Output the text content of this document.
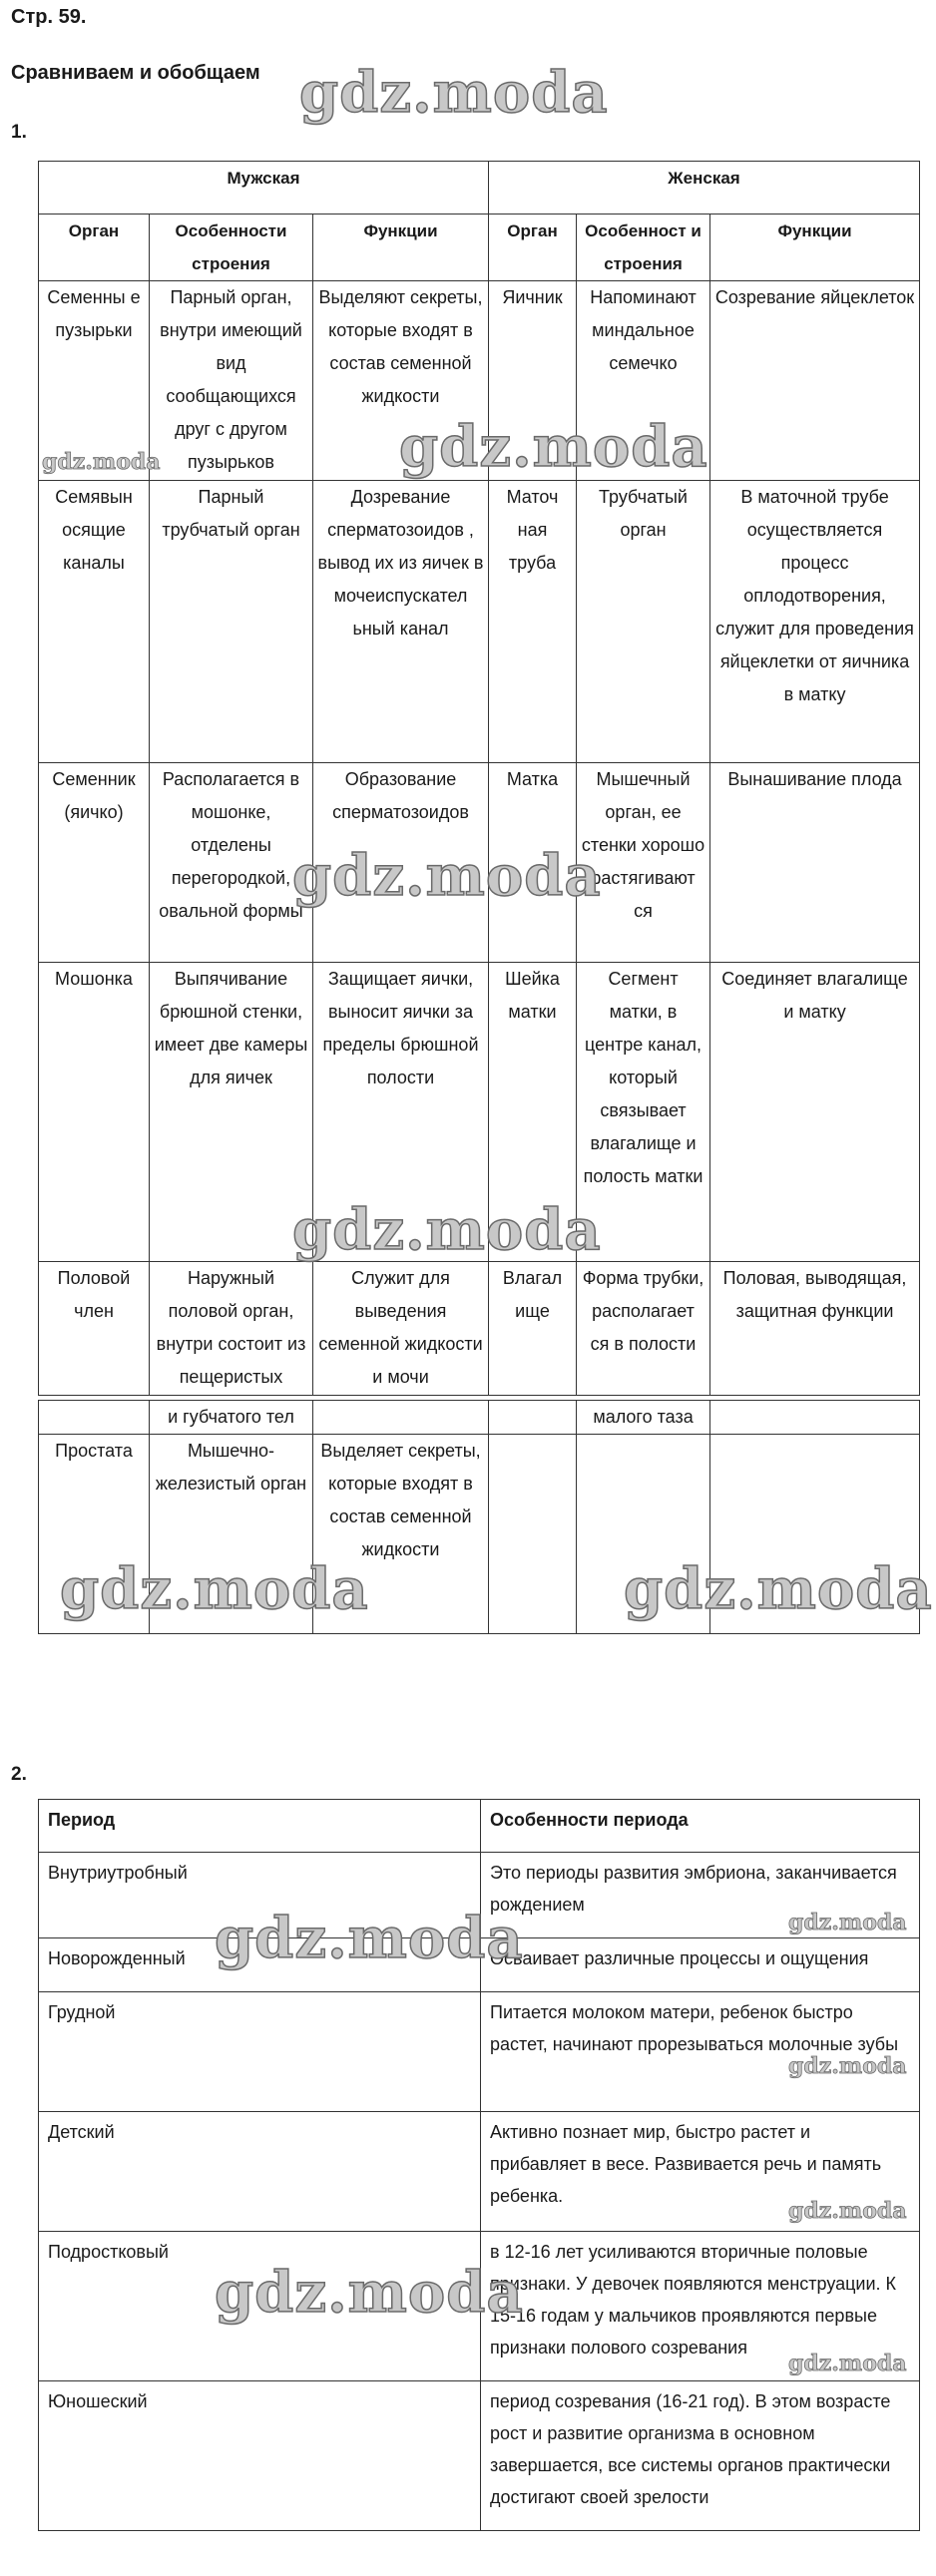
Стр. 59.
Сравниваем и обобщаем
1.
Мужская			Женская		
Орган	Особенности строения	Функции	Орган	Особенност и строения	Функции
Семенны е пузырьки	Парный орган, внутри имеющий вид сообщающихся друг с другом пузырьков	Выделяют секреты, которые входят в состав семенной жидкости	Яичник	Напоминают миндальное семечко	Созревание яйцеклеток
Семявын осящие каналы	Парный трубчатый орган	Дозревание сперматозоидов , вывод их из яичек в мочеиспускател ьный канал	Маточ ная труба	Трубчатый орган	В маточной трубе осуществляется процесс оплодотворения, служит для проведения яйцеклетки от яичника в матку
Семенник (яичко)	Располагается в мошонке, отделены перегородкой, овальной формы	Образование сперматозоидов	Матка	Мышечный орган, ее стенки хорошо растягивают ся	Вынашивание плода
Мошонка	Выпячивание брюшной стенки, имеет две камеры для яичек	Защищает яички, выносит яички за пределы брюшной полости	Шейка матки	Сегмент матки, в центре канал, который связывает влагалище и полость матки	Соединяет влагалище и матку
Половой член	Наружный половой орган, внутри состоит из пещеристых	Служит для выведения семенной жидкости и мочи	Влагал ище	Форма трубки, располагает ся в полости	Половая, выводящая, защитная функции

	и губчатого тел			малого таза	
Простата	Мышечно-железистый орган	Выделяет секреты, которые входят в состав семенной жидкости			
2.
Период	Особенности периода
Внутриутробный	Это периоды развития эмбриона, заканчивается рождением
Новорожденный	Осваивает различные процессы и ощущения
Грудной	Питается молоком матери, ребенок быстро растет, начинают прорезываться молочные зубы
Детский	Активно познает мир, быстро растет и прибавляет в весе. Развивается речь и память ребенка.
Подростковый	в 12-16 лет усиливаются вторичные половые признаки. У девочек появляются менструации. К 15-16 годам у мальчиков проявляются первые признаки полового созревания
Юношеский	период созревания (16-21 год). В этом возрасте рост и развитие организма в основном завершается, все системы органов практически достигают своей зрелости
gdz.moda
gdz.moda	gdz.moda
gdz.moda
gdz.moda
gdz.moda	gdz.moda
gdz.moda	gdz.moda
gdz.moda
gdz.moda
gdz.moda
gdz.moda
